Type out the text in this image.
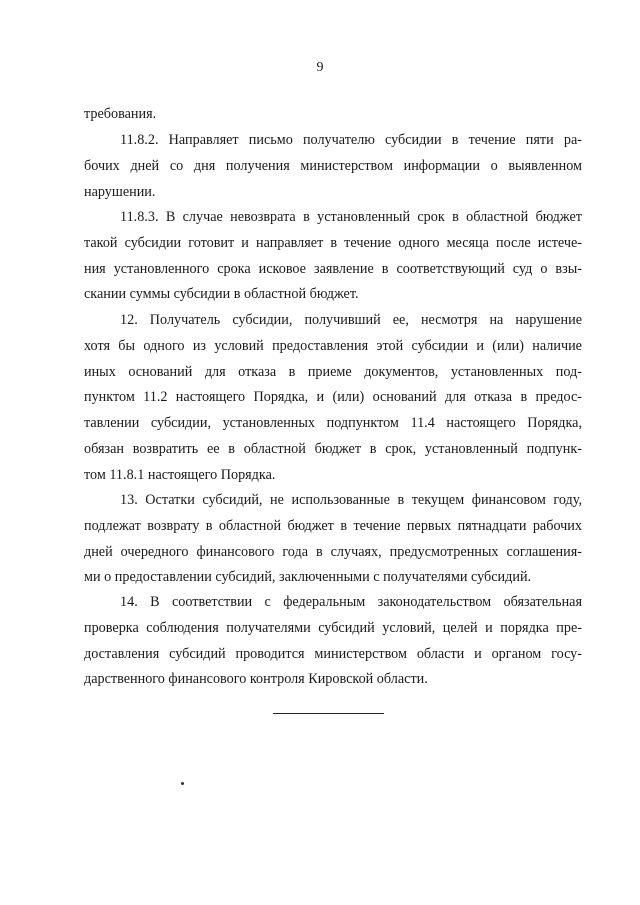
9
требования.
11.8.2. Направляет письмо получателю субсидии в течение пяти ра-
бочих дней со дня получения министерством информации о выявленном
нарушении.
11.8.3. В случае невозврата в установленный срок в областной бюджет
такой субсидии готовит и направляет в течение одного месяца после истече-
ния установленного срока исковое заявление в соответствующий суд о взы-
скании суммы субсидии в областной бюджет.
12. Получатель субсидии, получивший ее, несмотря на нарушение
хотя бы одного из условий предоставления этой субсидии и (или) наличие
иных оснований для отказа в приеме документов, установленных под-
пунктом 11.2 настоящего Порядка, и (или) оснований для отказа в предос-
тавлении субсидии, установленных подпунктом 11.4 настоящего Порядка,
обязан возвратить ее в областной бюджет в срок, установленный подпунк-
том 11.8.1 настоящего Порядка.
13. Остатки субсидий, не использованные в текущем финансовом году,
подлежат возврату в областной бюджет в течение первых пятнадцати рабочих
дней очередного финансового года в случаях, предусмотренных соглашения-
ми о предоставлении субсидий, заключенными с получателями субсидий.
14. В соответствии с федеральным законодательством обязательная
проверка соблюдения получателями субсидий условий, целей и порядка пре-
доставления субсидий проводится министерством области и органом госу-
дарственного финансового контроля Кировской области.
